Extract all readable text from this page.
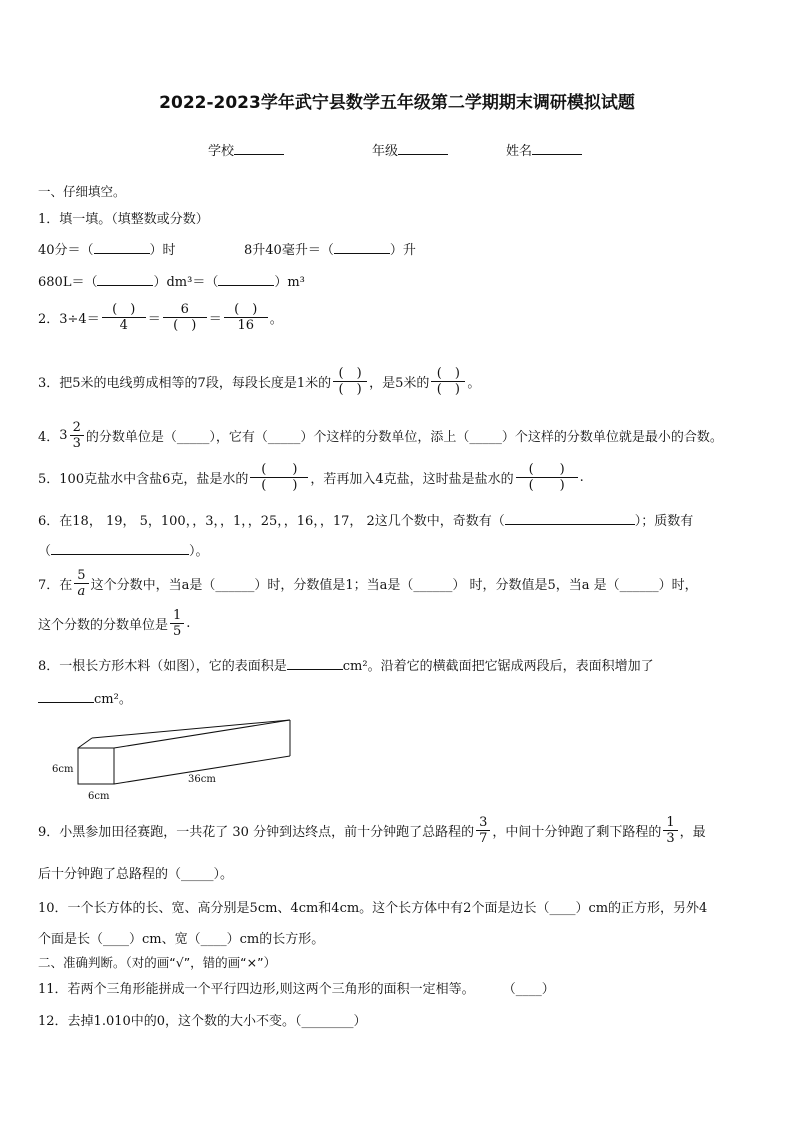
2022-2023学年武宁县数学五年级第二学期期末调研模拟试题
学校	年级	姓名
一、仔细填空。
1．填一填。（填整数或分数）
40分＝（	）时	8升40毫升＝（	）升
680L＝（	）dm³＝（	）m³
2．$3\div 4= \frac{( )}{4} = \frac{6}{( )} = \frac{( )}{16}$ 。
3．把5米的电线剪成相等的7段，每段长度是1米的 $\frac{( )}{( )}$ ，是5米的 $\frac{( )}{( )}$ 。
4． $3 \frac{2}{3}$ 的分数单位是（_____），它有（_____）个这样的分数单位，添上（_____）个这样的分数单位就是最小的合数。
5．100克盐水中含盐6克，盐是水的 $\frac{( )}{( )}$ ，若再加入4克盐，这时盐是盐水的 $\frac{( )}{( )}$ .
6．在18， 19， 5，100，，3，，1，，25，，16，，17， 2这几个数中，奇数有（	）；质数有
（	）。
7．在 $\frac{5}{a}$ 这个分数中，当a是（______）时，分数值是1；当a是（______） 时，分数值是5，当a 是（______）时，
这个分数的分数单位是 $\frac{1}{5}$ .
8．一根长方形木料（如图），它的表面积是	cm²。沿着它的横截面把它锯成两段后，表面积增加了
cm²。
6cm
6cm
36cm
9．小黑参加田径赛跑，一共花了 30 分钟到达终点，前十分钟跑了总路程的 $\frac{3}{7}$ ，中间十分钟跑了剩下路程的 $\frac{1}{3}$ ，最
后十分钟跑了总路程的（_____）。
10．一个长方体的长、宽、高分别是5cm、4cm和4cm。这个长方体中有2个面是边长（____）cm的正方形，另外4
个面是长（____）cm、宽（____）cm的长方形。
二、准确判断。（对的画“√”，错的画“×”）
11．若两个三角形能拼成一个平行四边形,则这两个三角形的面积一定相等。 （____）
12．去掉1.010中的0，这个数的大小不变。（________）
